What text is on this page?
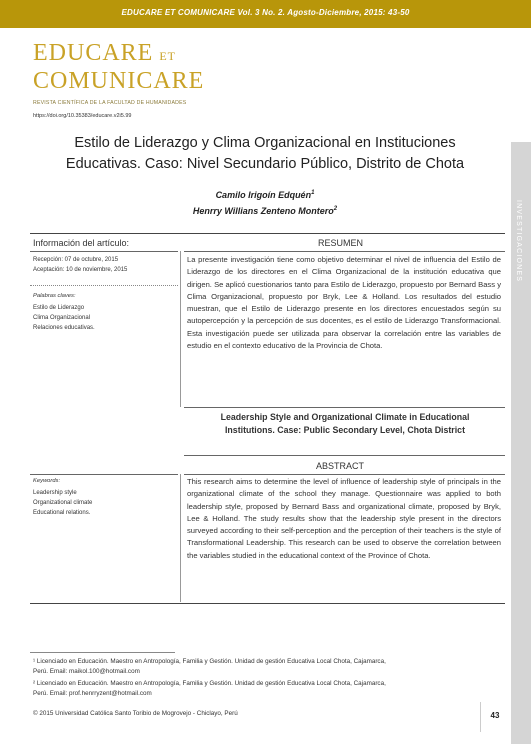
EDUCARE ET COMUNICARE Vol. 3 No. 2. Agosto-Diciembre, 2015: 43-50
EDUCARE ET
COMUNICARE
REVISTA CIENTÍFICA DE LA FACULTAD DE HUMANIDADES
https://doi.org/10.35383/educare.v2i5.99
Estilo de Liderazgo y Clima Organizacional en Instituciones
Educativas. Caso: Nivel Secundario Público, Distrito de Chota
Camilo Irigoín Edquén$^1$
Henrry Willians Zenteno Montero$^2$	INVESTIGACIONES
Información del artículo:	RESUMEN
Recepción: 07 de octubre, 2015
Aceptación: 10 de noviembre, 2015
Palabras claves:
Estilo de Liderazgo
Clima Organizacional
Relaciones educativas.
La presente investigación tiene como objetivo determinar el nivel de influencia del Estilo de Liderazgo de los directores en el Clima Organizacional de la institución educativa que dirigen. Se aplicó cuestionarios tanto para Estilo de Liderazgo, propuesto por Bernard Bass y Clima Organizacional, propuesto por Bryk, Lee & Holland. Los resultados del estudio muestran, que el Estilo de Liderazgo presente en los directores encuestados según su autopercepción y la percepción de sus docentes, es el estilo de Liderazgo Transformacional. Esta investigación puede ser utilizada para observar la correlación entre las variables de estudio en el contexto educativo de la Provincia de Chota.
Leadership Style and Organizational Climate in Educational
Institutions. Case: Public Secondary Level, Chota District
ABSTRACT
Keywords:
Leadership style
Organizational climate
Educational relations.
This research aims to determine the level of influence of leadership style of principals in the organizational climate of the school they manage. Questionnaire was applied to both leadership style, proposed by Bernard Bass and organizational climate, proposed by Bryk, Lee & Holland. The study results show that the leadership style present in the directors surveyed according to their self-perception and the perception of their teachers is the style of Transformational Leadership. This research can be used to observe the correlation between the variables studied in the educational context of the Province of Chota.
¹ Licenciado en Educación. Maestro en Antropología, Familia y Gestión. Unidad de gestión Educativa Local Chota, Cajamarca,
Perú. Email: maikol.100@hotmail.com
² Licenciado en Educación. Maestro en Antropología, Familia y Gestión. Unidad de gestión Educativa Local Chota, Cajamarca,
Perú. Email: prof.henrryzent@hotmail.com
© 2015 Universidad Católica Santo Toribio de Mogrovejo - Chiclayo, Perú	43
